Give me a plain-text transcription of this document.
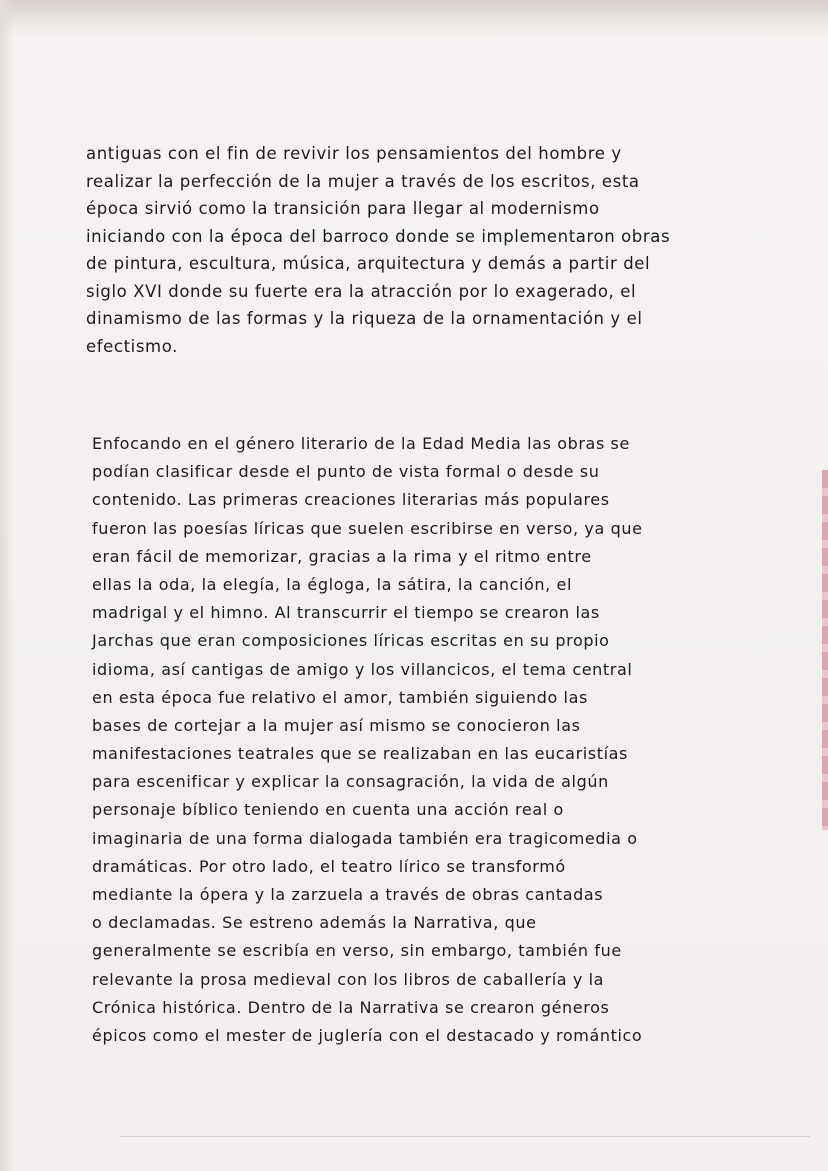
antiguas con el fin de revivir los pensamientos del hombre y
realizar la perfección de la mujer a través de los escritos, esta
época sirvió como la transición para llegar al modernismo
iniciando con la época del barroco donde se implementaron obras
de pintura, escultura, música, arquitectura y demás a partir del
siglo XVI donde su fuerte era la atracción por lo exagerado, el
dinamismo de las formas y la riqueza de la ornamentación y el
efectismo.
Enfocando en el género literario de la Edad Media las obras se
podían clasificar desde el punto de vista formal o desde su
contenido. Las primeras creaciones literarias más populares
fueron las poesías líricas que suelen escribirse en verso, ya que
eran fácil de memorizar, gracias a la rima y el ritmo entre
ellas la oda, la elegía, la égloga, la sátira, la canción, el
madrigal y el himno. Al transcurrir el tiempo se crearon las
Jarchas que eran composiciones líricas escritas en su propio
idioma, así cantigas de amigo y los villancicos, el tema central
en esta época fue relativo el amor, también siguiendo las
bases de cortejar a la mujer así mismo se conocieron las
manifestaciones teatrales que se realizaban en las eucaristías
para escenificar y explicar la consagración, la vida de algún
personaje bíblico teniendo en cuenta una acción real o
imaginaria de una forma dialogada también era tragicomedia o
dramáticas. Por otro lado, el teatro lírico se transformó
mediante la ópera y la zarzuela a través de obras cantadas
o declamadas. Se estreno además la Narrativa, que
generalmente se escribía en verso, sin embargo, también fue
relevante la prosa medieval con los libros de caballería y la
Crónica histórica. Dentro de la Narrativa se crearon géneros
épicos como el mester de juglería con el destacado y romántico
